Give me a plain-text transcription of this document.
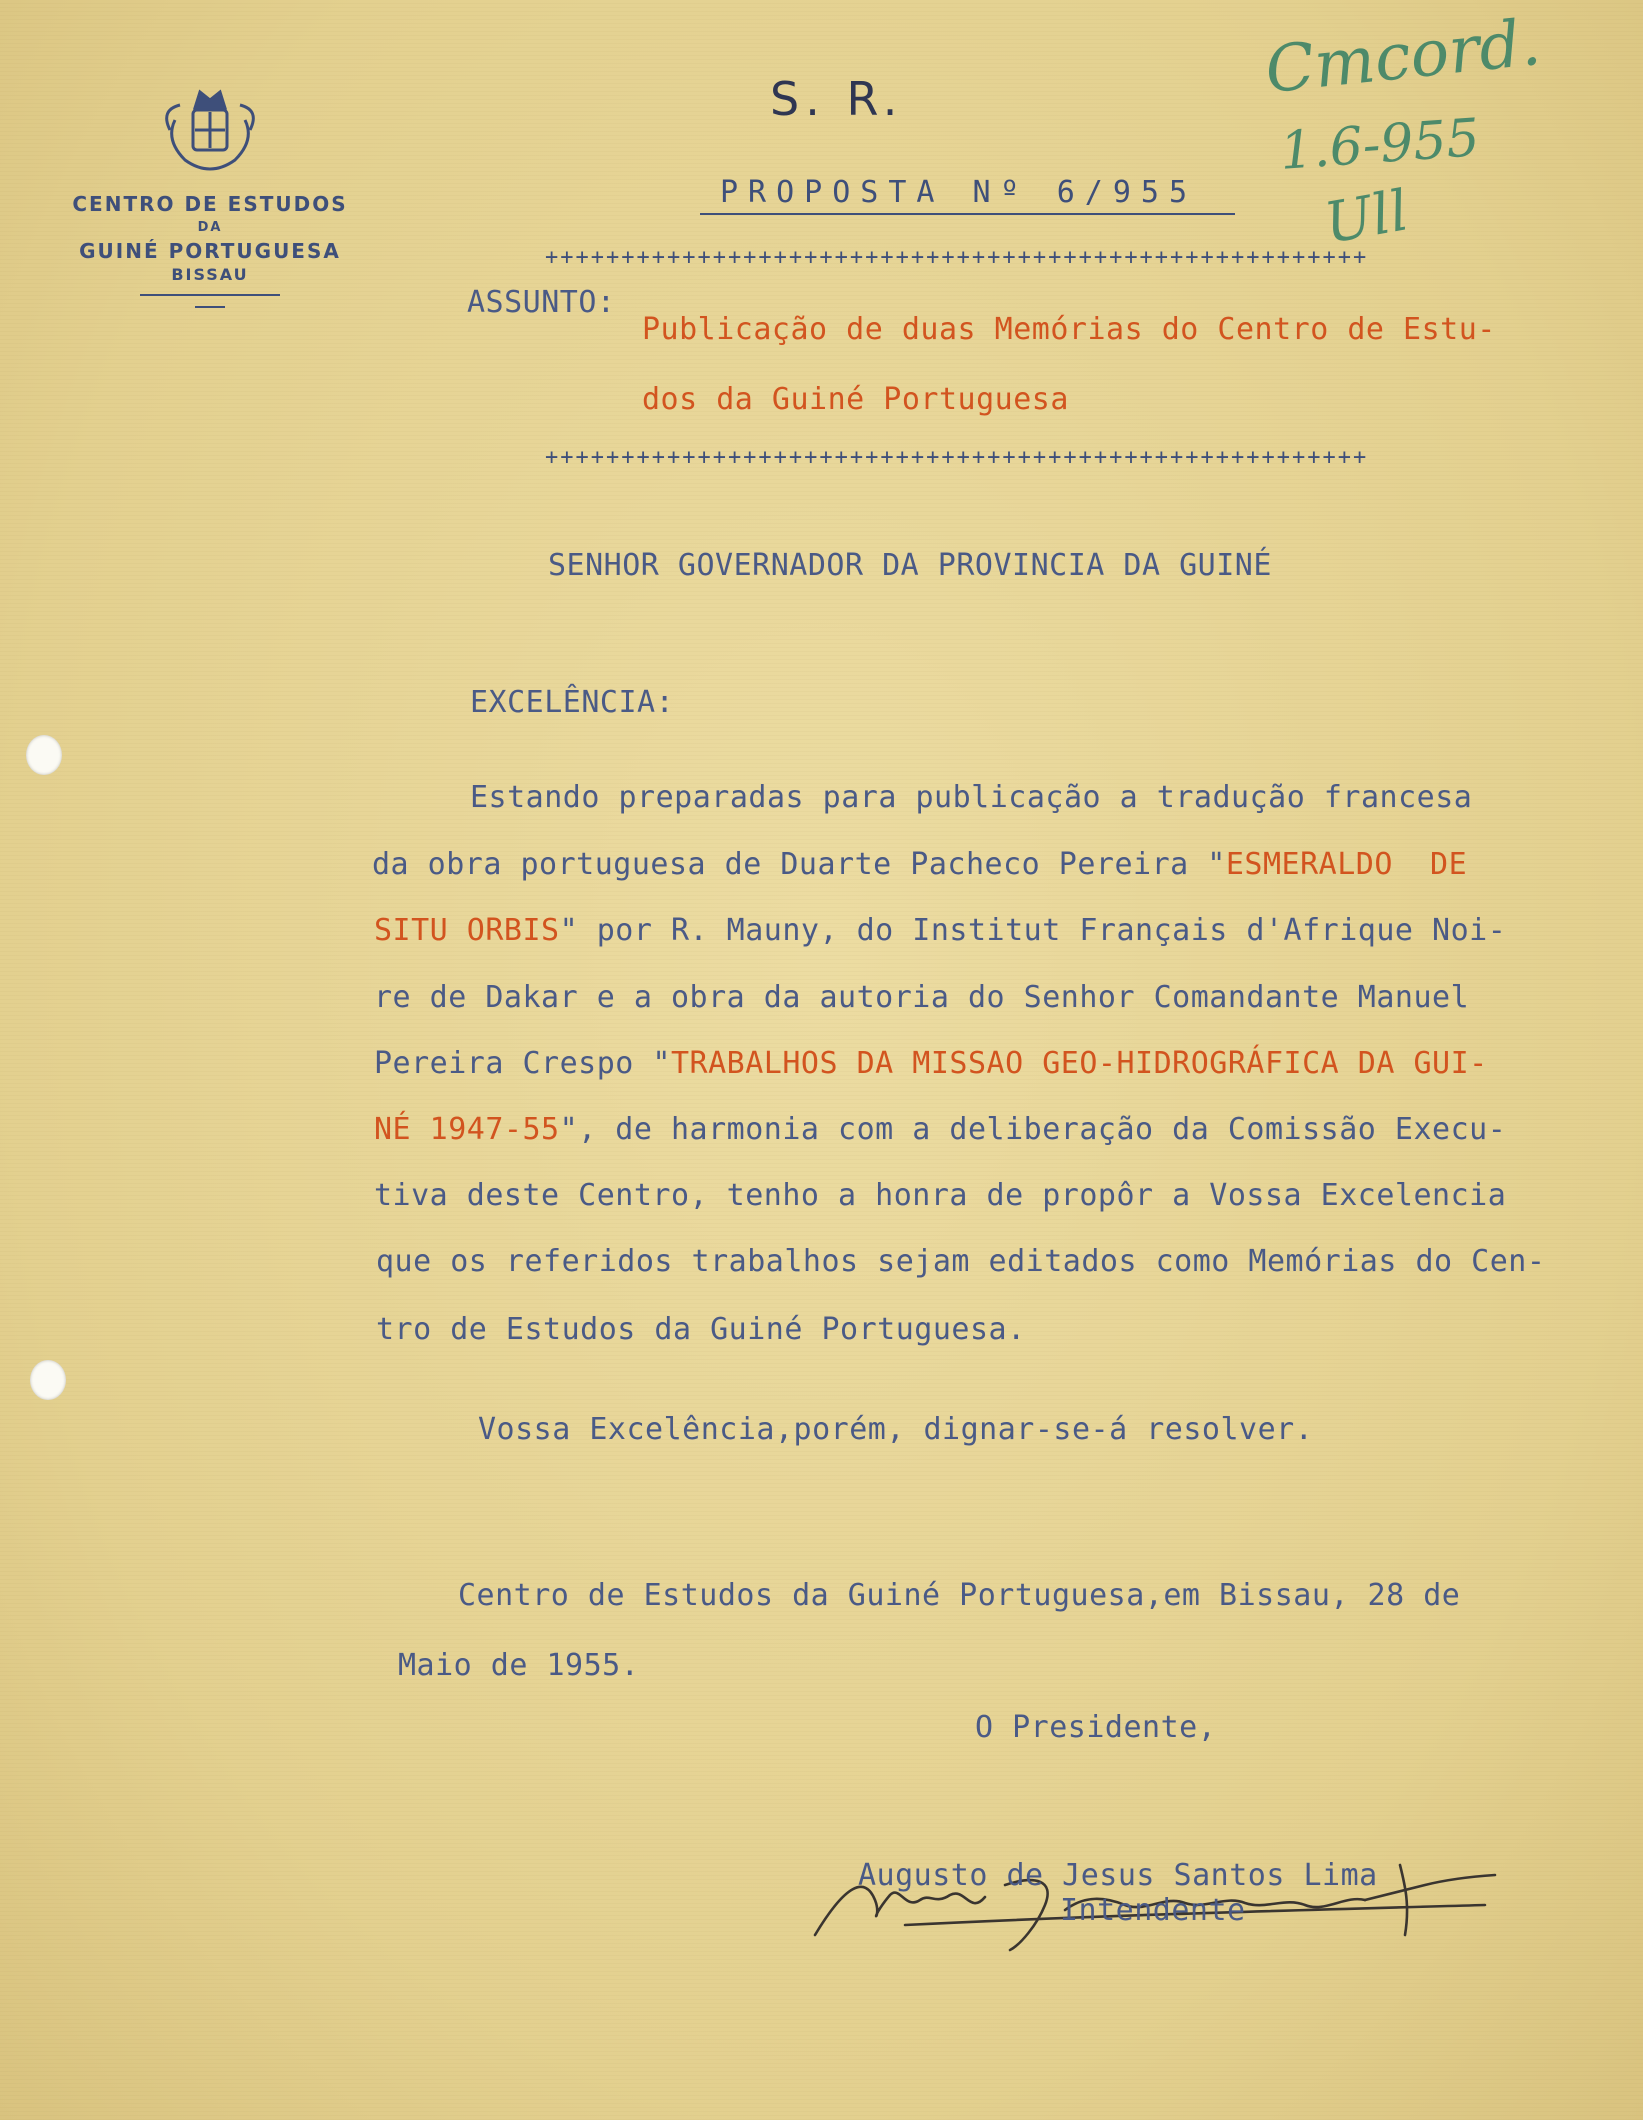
CENTRO DE ESTUDOS
DA
GUINÉ PORTUGUESA
BISSAU
S. R.
PROPOSTA Nº 6/955
++++++++++++++++++++++++++++++++++++++++++++++++++++++
Cmcord.
1.6-955
Ull
ASSUNTO:
Publicação de duas Memórias do Centro de Estu-
dos da Guiné Portuguesa
++++++++++++++++++++++++++++++++++++++++++++++++++++++
SENHOR GOVERNADOR DA PROVINCIA DA GUINÉ
EXCELÊNCIA:
Estando preparadas para publicação a tradução francesa
da obra portuguesa de Duarte Pacheco Pereira "ESMERALDO  DE
SITU ORBIS" por R. Mauny, do Institut Français d'Afrique Noi-
re de Dakar e a obra da autoria do Senhor Comandante Manuel
Pereira Crespo "TRABALHOS DA MISSAO GEO-HIDROGRÁFICA DA GUI-
NÉ 1947-55", de harmonia com a deliberação da Comissão Execu-
tiva deste Centro, tenho a honra de propôr a Vossa Excelencia
que os referidos trabalhos sejam editados como Memórias do Cen-
tro de Estudos da Guiné Portuguesa.
Vossa Excelência,porém, dignar-se-á resolver.
Centro de Estudos da Guiné Portuguesa,em Bissau, 28 de
Maio de 1955.
O Presidente,
Augusto de Jesus Santos Lima
Intendente
